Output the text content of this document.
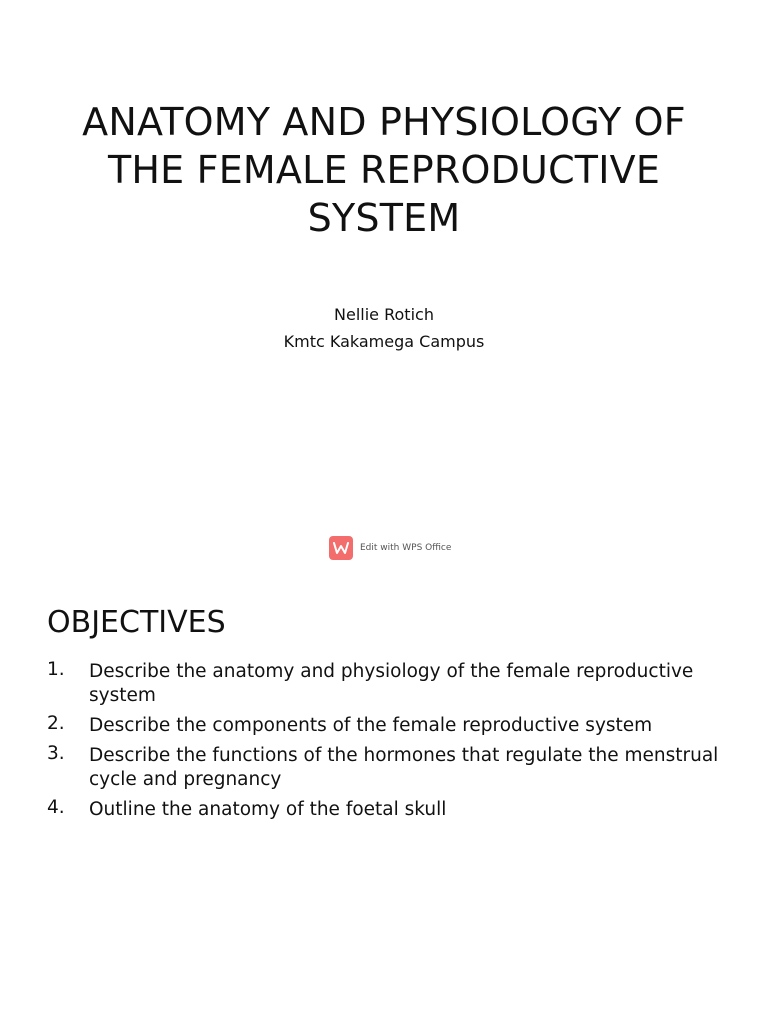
ANATOMY AND PHYSIOLOGY OF THE FEMALE REPRODUCTIVE SYSTEM

Nellie Rotich

Kmtc Kakamega Campus

Edit with WPS Office
OBJECTIVES
1.	Describe the anatomy and physiology of the female reproductive system
2.	Describe the components of the female reproductive system
3.	Describe the functions of the hormones that regulate the menstrual cycle and pregnancy
4.	Outline the anatomy of the foetal skull
